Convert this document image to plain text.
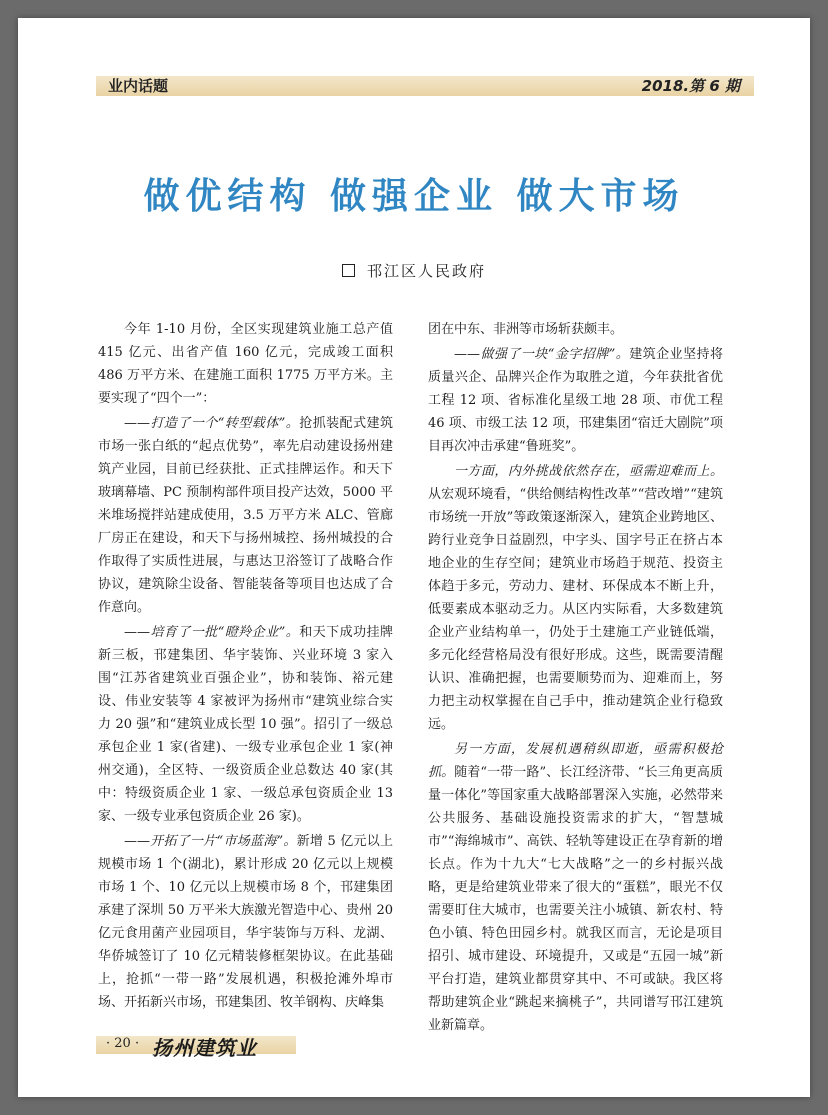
业内话题	2018.第 6 期
做优结构 做强企业 做大市场
邗江区人民政府

今年 1-10 月份，全区实现建筑业施工总产值 415 亿元、出省产值 160 亿元，完成竣工面积 486 万平方米、在建施工面积 1775 万平方米。主要实现了“四个一”：

——打造了一个“转型载体”。抢抓装配式建筑市场一张白纸的“起点优势”，率先启动建设扬州建筑产业园，目前已经获批、正式挂牌运作。和天下玻璃幕墙、PC 预制构部件项目投产达效，5000 平米堆场搅拌站建成使用，3.5 万平方米 ALC、管廊厂房正在建设，和天下与扬州城控、扬州城投的合作取得了实质性进展，与惠达卫浴签订了战略合作协议，建筑除尘设备、智能装备等项目也达成了合作意向。

——培育了一批“瞪羚企业”。和天下成功挂牌新三板，邗建集团、华宇装饰、兴业环境 3 家入围“江苏省建筑业百强企业”，协和装饰、裕元建设、伟业安装等 4 家被评为扬州市“建筑业综合实力 20 强”和“建筑业成长型 10 强”。招引了一级总承包企业 1 家(省建)、一级专业承包企业 1 家(神州交通)，全区特、一级资质企业总数达 40 家(其中：特级资质企业 1 家、一级总承包资质企业 13 家、一级专业承包资质企业 26 家)。

——开拓了一片“市场蓝海”。新增 5 亿元以上规模市场 1 个(湖北)，累计形成 20 亿元以上规模市场 1 个、10 亿元以上规模市场 8 个，邗建集团承建了深圳 50 万平米大族激光智造中心、贵州 20 亿元食用菌产业园项目，华宇装饰与万科、龙湖、华侨城签订了 10 亿元精装修框架协议。在此基础上，抢抓“一带一路”发展机遇，积极抢滩外埠市场、开拓新兴市场，邗建集团、牧羊钢构、庆峰集

团在中东、非洲等市场斩获颇丰。

——做强了一块“金字招牌”。建筑企业坚持将质量兴企、品牌兴企作为取胜之道，今年获批省优工程 12 项、省标准化星级工地 28 项、市优工程 46 项、市级工法 12 项，邗建集团“宿迁大剧院”项目再次冲击承建“鲁班奖”。

一方面，内外挑战依然存在，亟需迎难而上。从宏观环境看，“供给侧结构性改革”“营改增”“建筑市场统一开放”等政策逐渐深入，建筑企业跨地区、跨行业竞争日益剧烈，中字头、国字号正在挤占本地企业的生存空间；建筑业市场趋于规范、投资主体趋于多元，劳动力、建材、环保成本不断上升，低要素成本驱动乏力。从区内实际看，大多数建筑企业产业结构单一，仍处于土建施工产业链低端，多元化经营格局没有很好形成。这些，既需要清醒认识、准确把握，也需要顺势而为、迎难而上，努力把主动权掌握在自己手中，推动建筑企业行稳致远。

另一方面，发展机遇稍纵即逝，亟需积极抢抓。随着“一带一路”、长江经济带、“长三角更高质量一体化”等国家重大战略部署深入实施，必然带来公共服务、基础设施投资需求的扩大，“智慧城市”“海绵城市”、高铁、轻轨等建设正在孕育新的增长点。作为十九大“七大战略”之一的乡村振兴战略，更是给建筑业带来了很大的“蛋糕”，眼光不仅需要盯住大城市，也需要关注小城镇、新农村、特色小镇、特色田园乡村。就我区而言，无论是项目招引、城市建设、环境提升，又或是“五园一城”新平台打造，建筑业都贯穿其中、不可或缺。我区将帮助建筑企业“跳起来摘桃子”，共同谱写邗江建筑业新篇章。

· 20 · 扬州建筑业
